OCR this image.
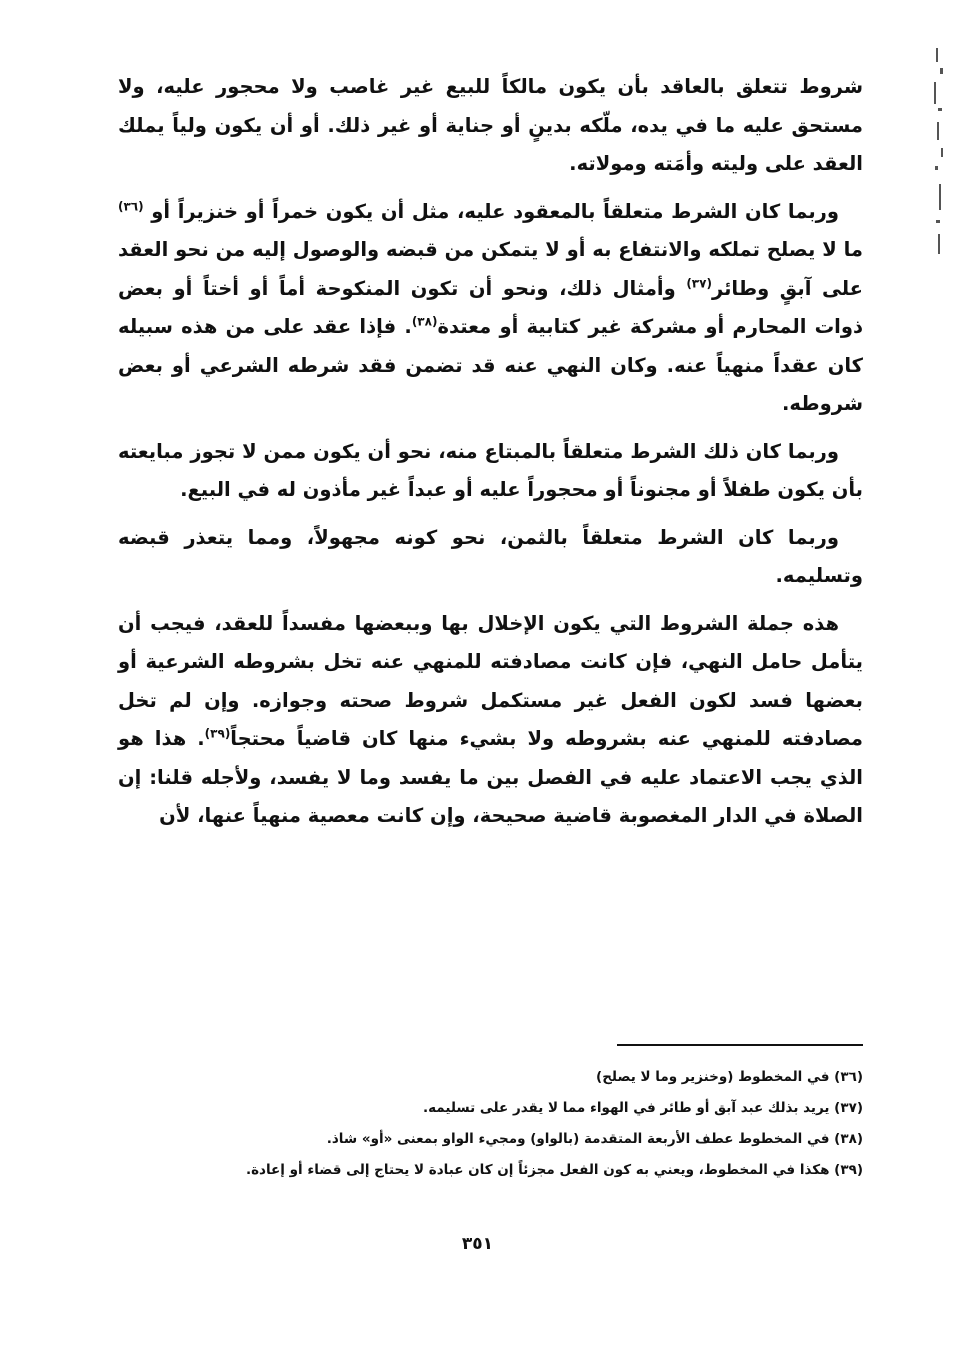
شروط تتعلق بالعاقد بأن يكون مالكاً للبيع غير غاصب ولا محجور عليه، ولا مستحق عليه ما في يده، ملّكه بدينٍ أو جناية أو غير ذلك. أو أن يكون ولياً يملك العقد على وليته وأمَته ومولاته.

وربما كان الشرط متعلقاً بالمعقود عليه، مثل أن يكون خمراً أو خنزيراً أو $^{(٣٦)}$ ما لا يصلح تملكه والانتفاع به أو لا يتمكن من قبضه والوصول إليه من نحو العقد على آبقٍ وطائر$^{(٣٧)}$ وأمثال ذلك، ونحو أن تكون المنكوحة أماً أو أختاً أو بعض ذوات المحارم أو مشركة غير كتابية أو معتدة$^{(٣٨)}$. فإذا عقد على من هذه سبيله كان عقداً منهياً عنه. وكان النهي عنه قد تضمن فقد شرطه الشرعي أو بعض شروطه.

وربما كان ذلك الشرط متعلقاً بالمبتاع منه، نحو أن يكون ممن لا تجوز مبايعته بأن يكون طفلاً أو مجنوناً أو محجوراً عليه أو عبداً غير مأذون له في البيع.

وربما كان الشرط متعلقاً بالثمن، نحو كونه مجهولاً، ومما يتعذر قبضه وتسليمه.

هذه جملة الشروط التي يكون الإخلال بها وببعضها مفسداً للعقد، فيجب أن يتأمل حامل النهي، فإن كانت مصادفته للمنهي عنه تخل بشروطه الشرعية أو بعضها فسد لكون الفعل غير مستكمل شروط صحته وجوازه. وإن لم تخل مصادفته للمنهي عنه بشروطه ولا بشيء منها كان قاضياً محتجاً$^{(٣٩)}$. هذا هو الذي يجب الاعتماد عليه في الفصل بين ما يفسد وما لا يفسد، ولأجله قلنا: إن الصلاة في الدار المغصوبة قاضية صحيحة، وإن كانت معصية منهياً عنها، لأن

(٣٦) في المخطوط (وخنزير وما لا يصلح)

(٣٧) يريد بذلك عبد آبق أو طائر في الهواء مما لا يقدر على تسليمه.

(٣٨) في المخطوط عطف الأربعة المتقدمة (بالواو) ومجيء الواو بمعنى «أو» شاذ.

(٣٩) هكذا في المخطوط، ويعني به كون الفعل مجزئاً إن كان عبادة لا يحتاج إلى قضاء أو إعادة.

٣٥١
